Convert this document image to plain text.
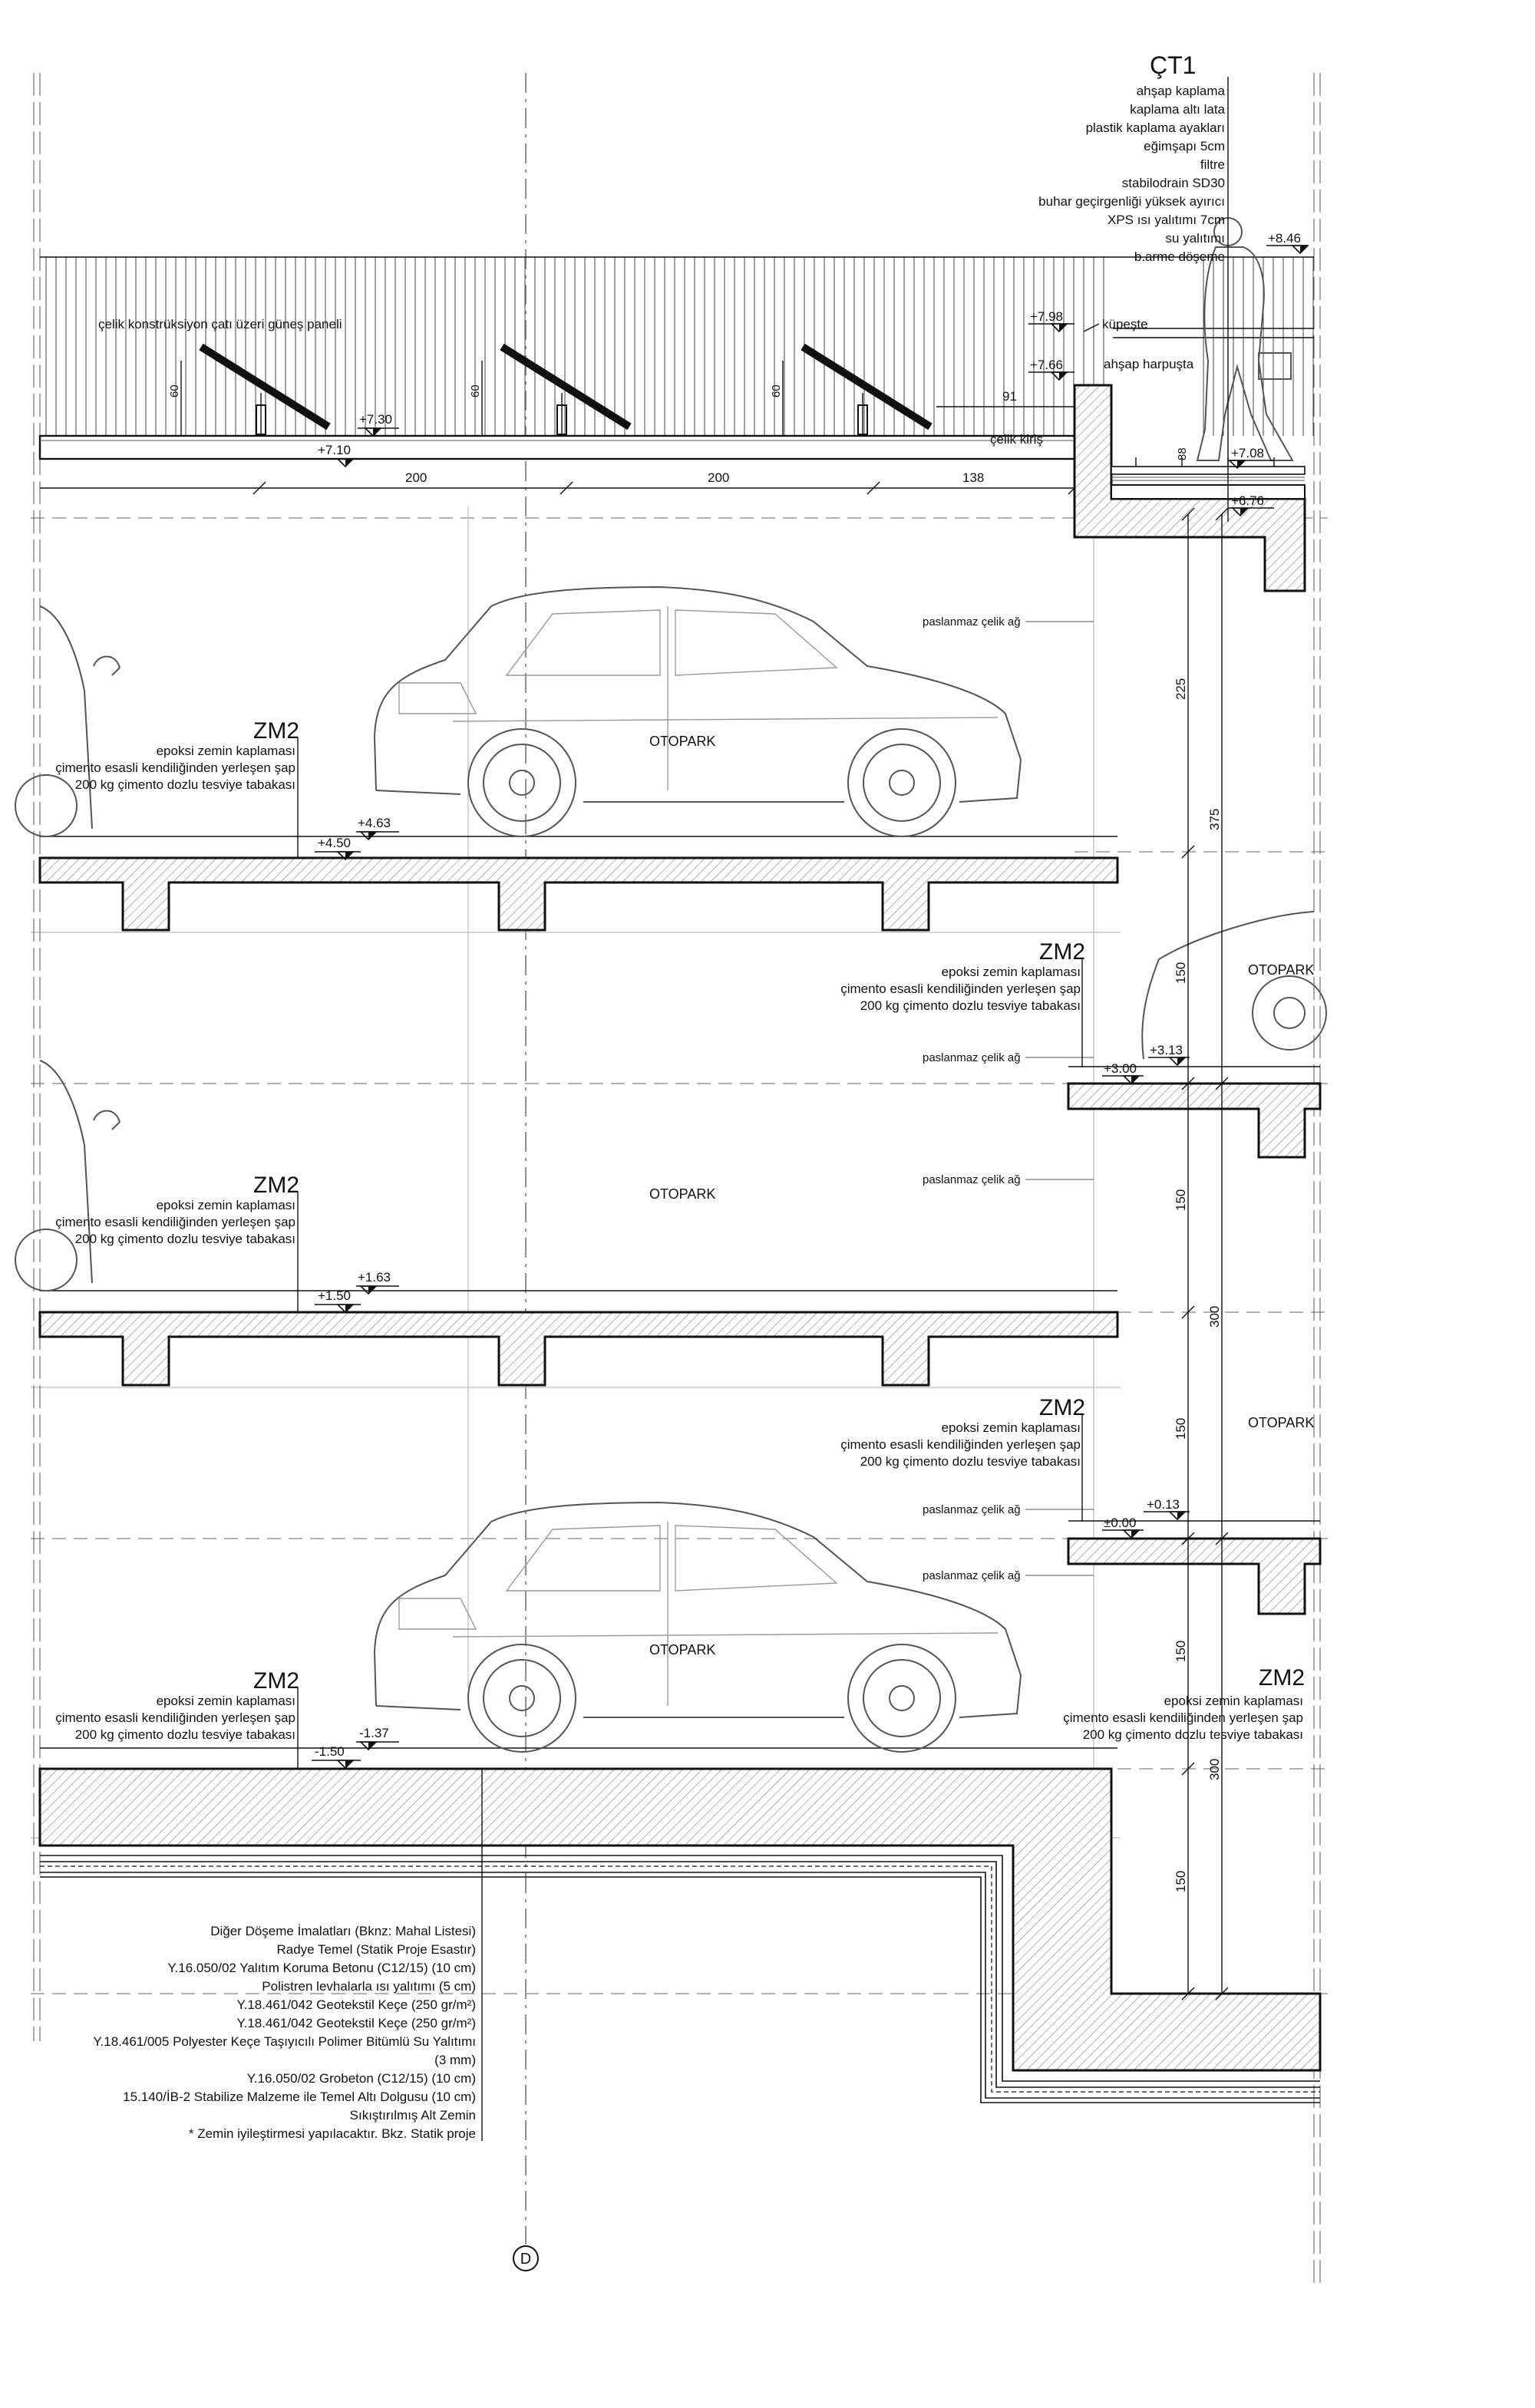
60	60	60
çelik konstrüksiyon çatı üzeri güneş paneli
çelik kiriş
200	200	138
91
88
ÇT1
ahşap kaplama
kaplama altı lata
plastik kaplama ayakları
eğimşapı 5cm
filtre
stabilodrain SD30
buhar geçirgenliği yüksek ayırıcı
XPS ısı yalıtımı 7cm
su yalıtımı
b.arme döşeme
OTOPARK
OTOPARK
OTOPARK
OTOPARK
OTOPARK
paslanmaz çelik ağ
paslanmaz çelik ağ
paslanmaz çelik ağ
paslanmaz çelik ağ
paslanmaz çelik ağ
ZM2
epoksi zemin kaplaması
çimento esasli kendiliğinden yerleşen şap
200 kg çimento dozlu tesviye tabakası
ZM2
epoksi zemin kaplaması
çimento esasli kendiliğinden yerleşen şap
200 kg çimento dozlu tesviye tabakası
ZM2
epoksi zemin kaplaması
çimento esasli kendiliğinden yerleşen şap
200 kg çimento dozlu tesviye tabakası
ZM2
epoksi zemin kaplaması
çimento esasli kendiliğinden yerleşen şap
200 kg çimento dozlu tesviye tabakası
ZM2
epoksi zemin kaplaması
çimento esasli kendiliğinden yerleşen şap
200 kg çimento dozlu tesviye tabakası
ZM2
epoksi zemin kaplaması
çimento esasli kendiliğinden yerleşen şap
200 kg çimento dozlu tesviye tabakası
+8.46
+7.98
+7.66
+7.30
+7.10	+7.08
+6.76
+4.63
+4.50
+3.13
+3.00
+1.63
+1.50
+0.13
±0.00
-1.37
-1.50
küpeşte
ahşap harpuşta
225
375
150
150
300
150
150
300
150
Diğer Döşeme İmalatları (Bknz: Mahal Listesi)
Radye Temel (Statik Proje Esastır)
Y.16.050/02 Yalıtım Koruma Betonu (C12/15) (10 cm)
Polistren levhalarla ısı yalıtımı (5 cm)
Y.18.461/042 Geotekstil Keçe (250 gr/m²)
Y.18.461/042 Geotekstil Keçe (250 gr/m²)
Y.18.461/005 Polyester Keçe Taşıyıcılı Polimer Bitümlü Su Yalıtımı
(3 mm)
Y.16.050/02 Grobeton (C12/15) (10 cm)
15.140/İB-2 Stabilize Malzeme ile Temel Altı Dolgusu (10 cm)
Sıkıştırılmış Alt Zemin
* Zemin iyileştirmesi yapılacaktır. Bkz. Statik proje
D
